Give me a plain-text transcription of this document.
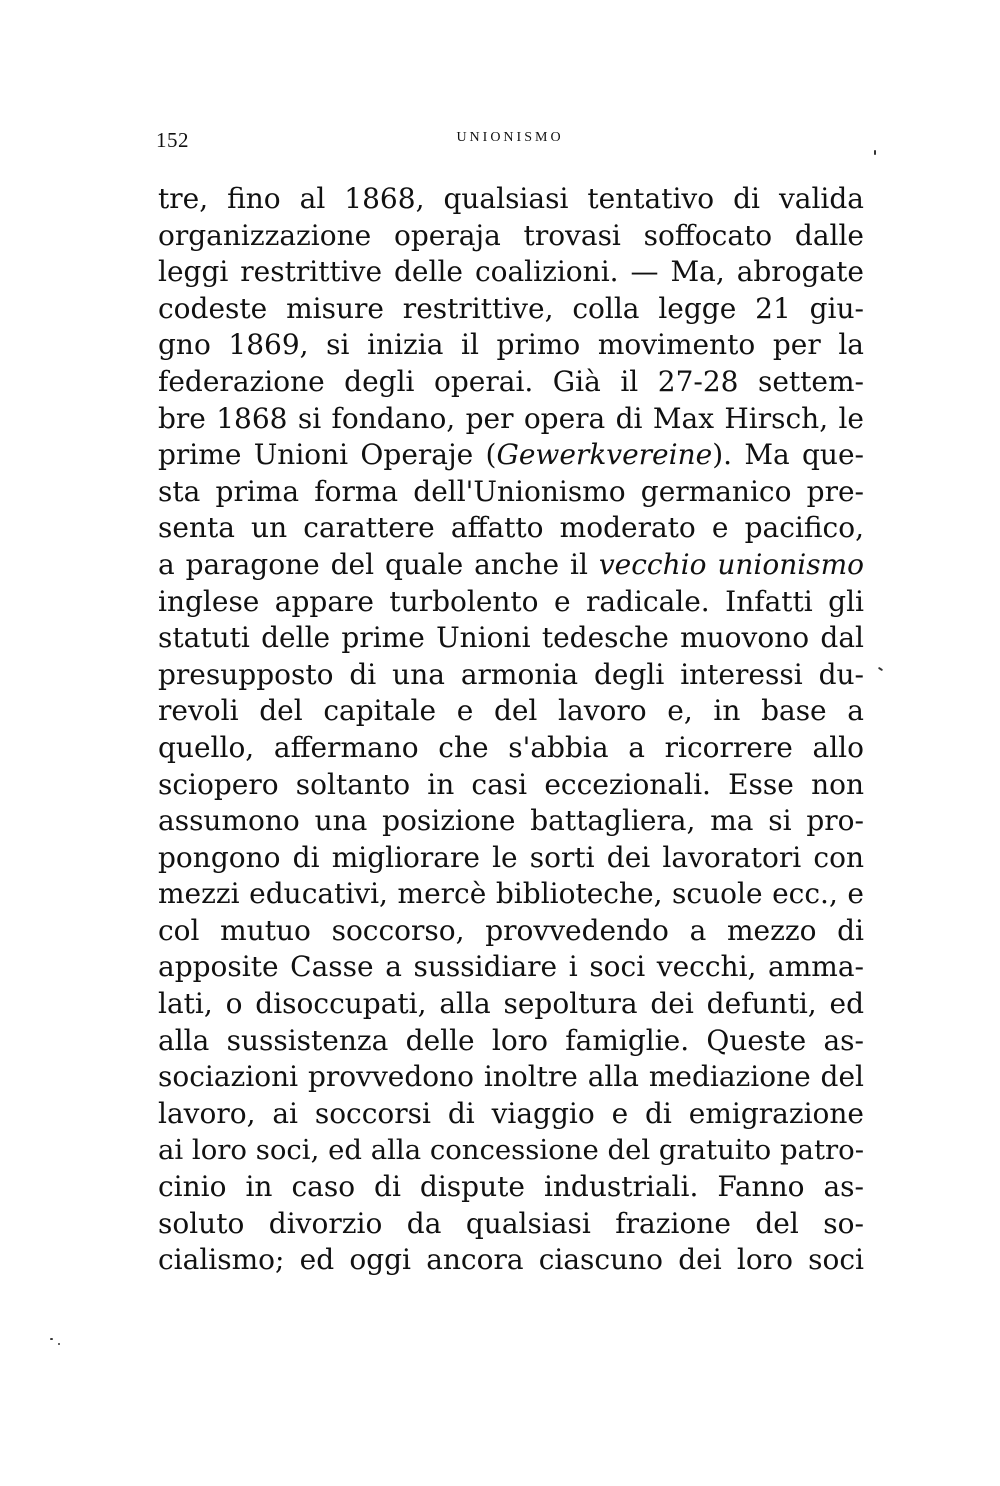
152	UNIONISMO
tre, fino al 1868, qualsiasi tentativo di valida
organizzazione operaja trovasi soffocato dalle
leggi restrittive delle coalizioni. — Ma, abrogate
codeste misure restrittive, colla legge 21 giu-
gno 1869, si inizia il primo movimento per la
federazione degli operai. Già il 27-28 settem-
bre 1868 si fondano, per opera di Max Hirsch, le
prime Unioni Operaje (Gewerkvereine). Ma que-
sta prima forma dell'Unionismo germanico pre-
senta un carattere affatto moderato e pacifico,
a paragone del quale anche il vecchio unionismo
inglese appare turbolento e radicale. Infatti gli
statuti delle prime Unioni tedesche muovono dal
presupposto di una armonia degli interessi du-
revoli del capitale e del lavoro e, in base a
quello, affermano che s'abbia a ricorrere allo
sciopero soltanto in casi eccezionali. Esse non
assumono una posizione battagliera, ma si pro-
pongono di migliorare le sorti dei lavoratori con
mezzi educativi, mercè biblioteche, scuole ecc., e
col mutuo soccorso, provvedendo a mezzo di
apposite Casse a sussidiare i soci vecchi, amma-
lati, o disoccupati, alla sepoltura dei defunti, ed
alla sussistenza delle loro famiglie. Queste as-
sociazioni provvedono inoltre alla mediazione del
lavoro, ai soccorsi di viaggio e di emigrazione
ai loro soci, ed alla concessione del gratuito patro-
cinio in caso di dispute industriali. Fanno as-
soluto divorzio da qualsiasi frazione del so-
cialismo; ed oggi ancora ciascuno dei loro soci
